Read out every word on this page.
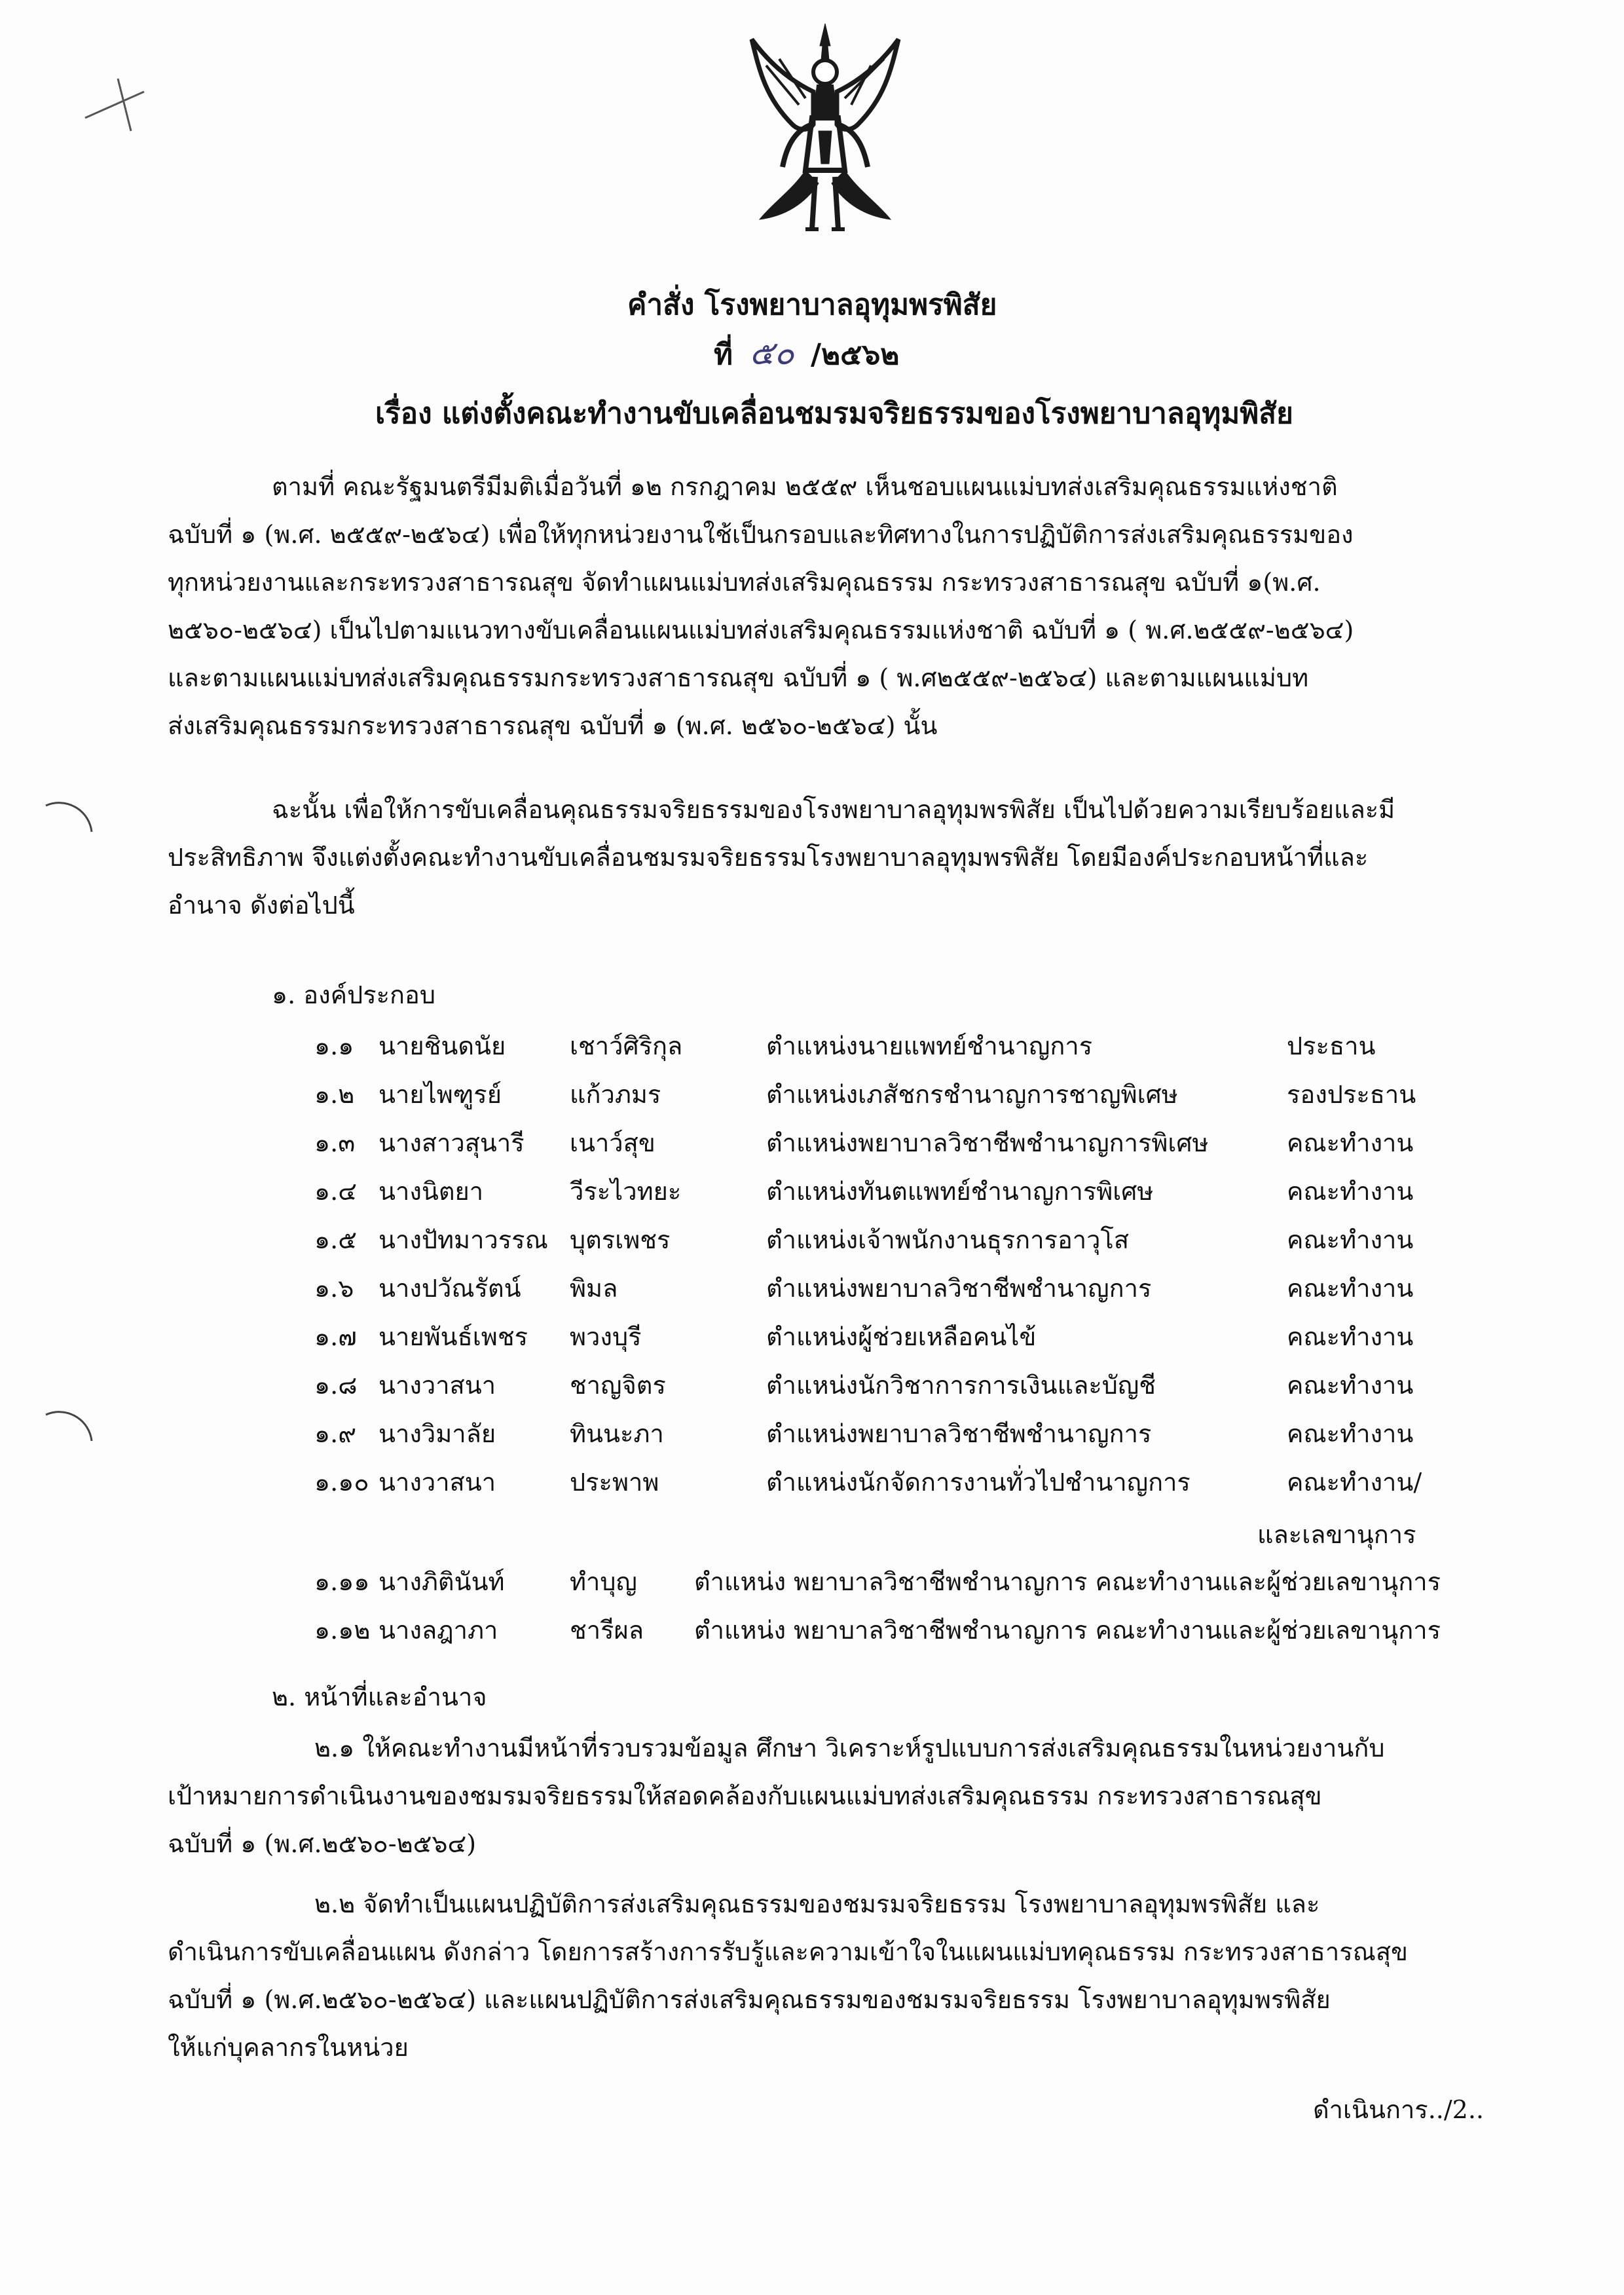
คำสั่ง โรงพยาบาลอุทุมพรพิสัย
ที่ ๕๐ /๒๕๖๒
เรื่อง แต่งตั้งคณะทำงานขับเคลื่อนชมรมจริยธรรมของโรงพยาบาลอุทุมพิสัย
ตามที่ คณะรัฐมนตรีมีมติเมื่อวันที่ ๑๒ กรกฎาคม ๒๕๕๙ เห็นชอบแผนแม่บทส่งเสริมคุณธรรมแห่งชาติ
ฉบับที่ ๑ (พ.ศ. ๒๕๕๙-๒๕๖๔) เพื่อให้ทุกหน่วยงานใช้เป็นกรอบและทิศทางในการปฏิบัติการส่งเสริมคุณธรรมของ
ทุกหน่วยงานและกระทรวงสาธารณสุข จัดทำแผนแม่บทส่งเสริมคุณธรรม กระทรวงสาธารณสุข ฉบับที่ ๑(พ.ศ.
๒๕๖๐-๒๕๖๔) เป็นไปตามแนวทางขับเคลื่อนแผนแม่บทส่งเสริมคุณธรรมแห่งชาติ ฉบับที่ ๑ ( พ.ศ.๒๕๕๙-๒๕๖๔)
และตามแผนแม่บทส่งเสริมคุณธรรมกระทรวงสาธารณสุข ฉบับที่ ๑ ( พ.ศ๒๕๕๙-๒๕๖๔) และตามแผนแม่บท
ส่งเสริมคุณธรรมกระทรวงสาธารณสุข ฉบับที่ ๑ (พ.ศ. ๒๕๖๐-๒๕๖๔) นั้น
ฉะนั้น เพื่อให้การขับเคลื่อนคุณธรรมจริยธรรมของโรงพยาบาลอุทุมพรพิสัย เป็นไปด้วยความเรียบร้อยและมี
ประสิทธิภาพ จึงแต่งตั้งคณะทำงานขับเคลื่อนชมรมจริยธรรมโรงพยาบาลอุทุมพรพิสัย โดยมีองค์ประกอบหน้าที่และ
อำนาจ ดังต่อไปนี้
๑. องค์ประกอบ
๑.๑ นายชินดนัย	เชาว์ศิริกุล	ตำแหน่งนายแพทย์ชำนาญการ	ประธาน
๑.๒ นายไพฑูรย์	แก้วภมร	ตำแหน่งเภสัชกรชำนาญการชาญพิเศษ	รองประธาน
๑.๓ นางสาวสุนารี เนาว์สุข	ตำแหน่งพยาบาลวิชาชีพชำนาญการพิเศษ	คณะทำงาน
๑.๔ นางนิตยา	วีระไวทยะ	ตำแหน่งทันตแพทย์ชำนาญการพิเศษ	คณะทำงาน
๑.๕ นางปัทมาวรรณ บุตรเพชร	ตำแหน่งเจ้าพนักงานธุรการอาวุโส	คณะทำงาน
๑.๖ นางปวัณรัตน์ พิมล	ตำแหน่งพยาบาลวิชาชีพชำนาญการ	คณะทำงาน
๑.๗ นายพันธ์เพชร พวงบุรี	ตำแหน่งผู้ช่วยเหลือคนไข้	คณะทำงาน
๑.๘ นางวาสนา	ชาญจิตร	ตำแหน่งนักวิชาการการเงินและบัญชี	คณะทำงาน
๑.๙ นางวิมาลัย	ทินนะภา	ตำแหน่งพยาบาลวิชาชีพชำนาญการ	คณะทำงาน
๑.๑๐ นางวาสนา	ประพาพ	ตำแหน่งนักจัดการงานทั่วไปชำนาญการ	คณะทำงาน/
และเลขานุการ
๑.๑๑ นางภิตินันท์	ทำบุญ ตำแหน่ง พยาบาลวิชาชีพชำนาญการ คณะทำงานและผู้ช่วยเลขานุการ
๑.๑๒ นางลฎาภา	ชารีผล ตำแหน่ง พยาบาลวิชาชีพชำนาญการ คณะทำงานและผู้ช่วยเลขานุการ
๒. หน้าที่และอำนาจ
๒.๑ ให้คณะทำงานมีหน้าที่รวบรวมข้อมูล ศึกษา วิเคราะห์รูปแบบการส่งเสริมคุณธรรมในหน่วยงานกับ
เป้าหมายการดำเนินงานของชมรมจริยธรรมให้สอดคล้องกับแผนแม่บทส่งเสริมคุณธรรม กระทรวงสาธารณสุข
ฉบับที่ ๑ (พ.ศ.๒๕๖๐-๒๕๖๔)
๒.๒ จัดทำเป็นแผนปฏิบัติการส่งเสริมคุณธรรมของชมรมจริยธรรม โรงพยาบาลอุทุมพรพิสัย และ
ดำเนินการขับเคลื่อนแผน ดังกล่าว โดยการสร้างการรับรู้และความเข้าใจในแผนแม่บทคุณธรรม กระทรวงสาธารณสุข
ฉบับที่ ๑ (พ.ศ.๒๕๖๐-๒๕๖๔) และแผนปฏิบัติการส่งเสริมคุณธรรมของชมรมจริยธรรม โรงพยาบาลอุทุมพรพิสัย
ให้แก่บุคลากรในหน่วย
ดำเนินการ../2..
